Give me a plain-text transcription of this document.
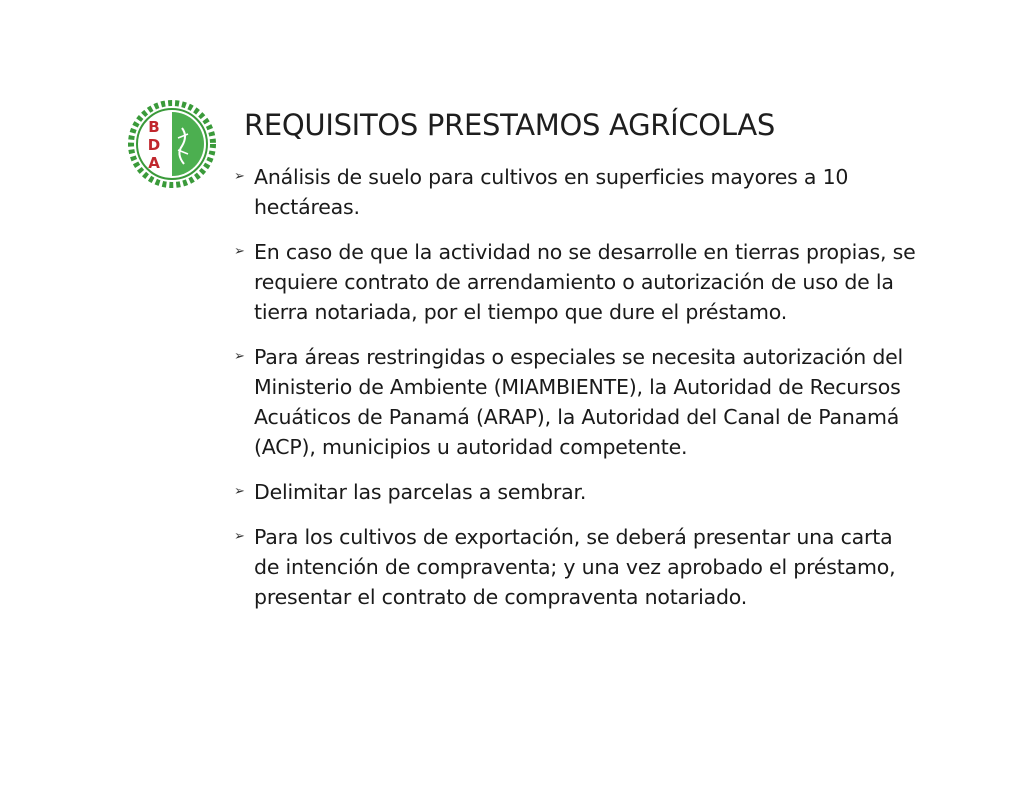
B
D
A
REQUISITOS PRESTAMOS AGRÍCOLAS
➢ Análisis de suelo para cultivos en superficies mayores a 10 hectáreas.
➢ En caso de que la actividad no se desarrolle en tierras propias, se requiere contrato de arrendamiento o autorización de uso de la tierra notariada, por el tiempo que dure el préstamo.
➢ Para áreas restringidas o especiales se necesita autorización del Ministerio de Ambiente (MIAMBIENTE), la Autoridad de Recursos Acuáticos de Panamá (ARAP), la Autoridad del Canal de Panamá (ACP), municipios u autoridad competente.
➢ Delimitar las parcelas a sembrar.
➢ Para los cultivos de exportación, se deberá presentar una carta de intención de compraventa; y una vez aprobado el préstamo, presentar el contrato de compraventa notariado.
